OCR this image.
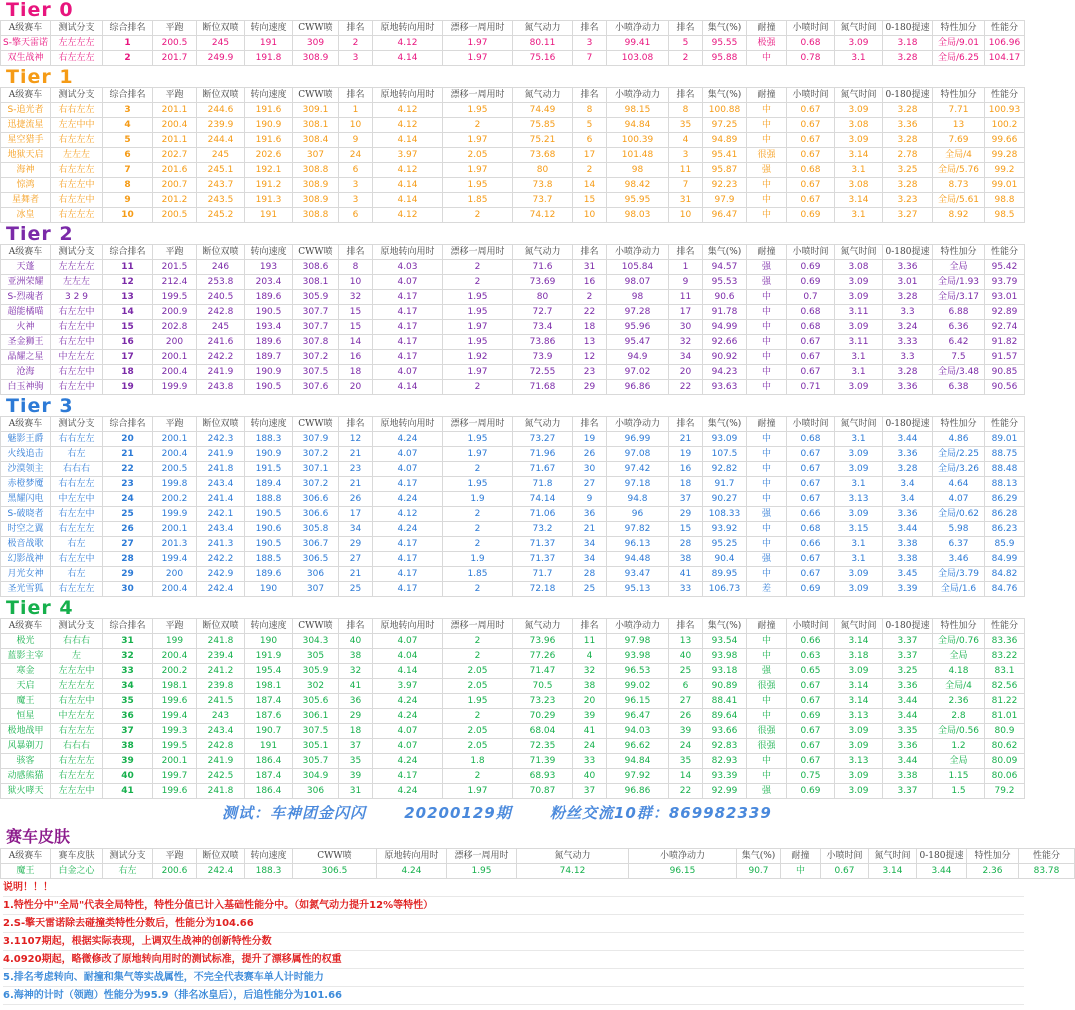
Tier 0
A级赛车	测试分支	综合排名	平跑	断位双喷	转向速度	CWW喷	排名	原地转向用时	漂移一周用时	氮气动力	排名	小喷净动力	排名	集气(%)	耐撞	小喷时间	氮气时间	0-180提速	特性加分	性能分
S-擎天雷诺	左左左左	1	200.5	245	191	309	2	4.12	1.97	80.11	3	99.41	5	95.55	极强	0.68	3.09	3.18	全局/9.01	106.96
双生战神	右左左左	2	201.7	249.9	191.8	308.9	3	4.14	1.97	75.16	7	103.08	2	95.88	中	0.78	3.1	3.28	全局/6.25	104.17
Tier 1
A级赛车	测试分支	综合排名	平跑	断位双喷	转向速度	CWW喷	排名	原地转向用时	漂移一周用时	氮气动力	排名	小喷净动力	排名	集气(%)	耐撞	小喷时间	氮气时间	0-180提速	特性加分	性能分
S-追光者	右右左左	3	201.1	244.6	191.6	309.1	1	4.12	1.95	74.49	8	98.15	8	100.88	中	0.67	3.09	3.28	7.71	100.93
迅捷流星	左左中中	4	200.4	239.9	190.9	308.1	10	4.12	2	75.85	5	94.84	35	97.25	中	0.67	3.08	3.36	13	100.2
星空猎手	右左左左	5	201.1	244.4	191.6	308.4	9	4.14	1.97	75.21	6	100.39	4	94.89	中	0.67	3.09	3.28	7.69	99.66
地狱天启	左左左	6	202.7	245	202.6	307	24	3.97	2.05	73.68	17	101.48	3	95.41	很强	0.67	3.14	2.78	全局/4	99.28
海神	右左左左	7	201.6	245.1	192.1	308.8	6	4.12	1.97	80	2	98	11	95.87	强	0.68	3.1	3.25	全局/5.76	99.2
惊鸿	右左左中	8	200.7	243.7	191.2	308.9	3	4.14	1.95	73.8	14	98.42	7	92.23	中	0.67	3.08	3.28	8.73	99.01
星舞者	右左左中	9	201.2	243.5	191.3	308.9	3	4.14	1.85	73.7	15	95.95	31	97.9	中	0.67	3.14	3.23	全局/5.61	98.8
冰皇	右左左左	10	200.5	245.2	191	308.8	6	4.12	2	74.12	10	98.03	10	96.47	中	0.69	3.1	3.27	8.92	98.5
Tier 2
A级赛车	测试分支	综合排名	平跑	断位双喷	转向速度	CWW喷	排名	原地转向用时	漂移一周用时	氮气动力	排名	小喷净动力	排名	集气(%)	耐撞	小喷时间	氮气时间	0-180提速	特性加分	性能分
天蓬	左左左左	11	201.5	246	193	308.6	8	4.03	2	71.6	31	105.84	1	94.57	强	0.69	3.08	3.36	全局	95.42
亚洲荣耀	左左左	12	212.4	253.8	203.4	308.1	10	4.07	2	73.69	16	98.07	9	95.53	强	0.69	3.09	3.01	全局/1.93	93.79
S-烈魂者	3 2 9	13	199.5	240.5	189.6	305.9	32	4.17	1.95	80	2	98	11	90.6	中	0.7	3.09	3.28	全局/3.17	93.01
超能橘喵	右左左中	14	200.9	242.8	190.5	307.7	15	4.17	1.95	72.7	22	97.28	17	91.78	中	0.68	3.11	3.3	6.88	92.89
火神	右左左中	15	202.8	245	193.4	307.7	15	4.17	1.97	73.4	18	95.96	30	94.99	中	0.68	3.09	3.24	6.36	92.74
圣金狮王	右左左中	16	200	241.6	189.6	307.8	14	4.17	1.95	73.86	13	95.47	32	92.66	中	0.67	3.11	3.33	6.42	91.82
晶耀之星	中左左左	17	200.1	242.2	189.7	307.2	16	4.17	1.92	73.9	12	94.9	34	90.92	中	0.67	3.1	3.3	7.5	91.57
沧海	右左左中	18	200.4	241.9	190.9	307.5	18	4.07	1.97	72.55	23	97.02	20	94.23	中	0.67	3.1	3.28	全局/3.48	90.85
白玉神驹	右左左中	19	199.9	243.8	190.5	307.6	20	4.14	2	71.68	29	96.86	22	93.63	中	0.71	3.09	3.36	6.38	90.56
Tier 3
A级赛车	测试分支	综合排名	平跑	断位双喷	转向速度	CWW喷	排名	原地转向用时	漂移一周用时	氮气动力	排名	小喷净动力	排名	集气(%)	耐撞	小喷时间	氮气时间	0-180提速	特性加分	性能分
魅影王爵	右右左左	20	200.1	242.3	188.3	307.9	12	4.24	1.95	73.27	19	96.99	21	93.09	中	0.68	3.1	3.44	4.86	89.01
火线追击	右左	21	200.4	241.9	190.9	307.2	21	4.07	1.97	71.96	26	97.08	19	107.5	中	0.67	3.09	3.36	全局/2.25	88.75
沙漠领主	右右右	22	200.5	241.8	191.5	307.1	23	4.07	2	71.67	30	97.42	16	92.82	中	0.67	3.09	3.28	全局/3.26	88.48
赤橙梦魇	右右左左	23	199.8	243.4	189.4	307.2	21	4.17	1.95	71.8	27	97.18	18	91.7	中	0.67	3.1	3.4	4.64	88.13
黑耀闪电	中左左中	24	200.2	241.4	188.8	306.6	26	4.24	1.9	74.14	9	94.8	37	90.27	中	0.67	3.13	3.4	4.07	86.29
S-破晓者	右左左中	25	199.9	242.1	190.5	306.6	17	4.12	2	71.06	36	96	29	108.33	强	0.66	3.09	3.36	全局/0.62	86.28
时空之翼	右左左左	26	200.1	243.4	190.6	305.8	34	4.24	2	73.2	21	97.82	15	93.92	中	0.68	3.15	3.44	5.98	86.23
极音战歌	右左	27	201.3	241.3	190.5	306.7	29	4.17	2	71.37	34	96.13	28	95.25	中	0.66	3.1	3.38	6.37	85.9
幻影战神	右左左中	28	199.4	242.2	188.5	306.5	27	4.17	1.9	71.37	34	94.48	38	90.4	强	0.67	3.1	3.38	3.46	84.99
月光女神	右左	29	200	242.9	189.6	306	21	4.17	1.85	71.7	28	93.47	41	89.95	中	0.67	3.09	3.45	全局/3.79	84.82
圣光雪狐	右左左左	30	200.4	242.4	190	307	25	4.17	2	72.18	25	95.13	33	106.73	差	0.69	3.09	3.39	全局/1.6	84.76
Tier 4
A级赛车	测试分支	综合排名	平跑	断位双喷	转向速度	CWW喷	排名	原地转向用时	漂移一周用时	氮气动力	排名	小喷净动力	排名	集气(%)	耐撞	小喷时间	氮气时间	0-180提速	特性加分	性能分
极光	右右右	31	199	241.8	190	304.3	40	4.07	2	73.96	11	97.98	13	93.54	中	0.66	3.14	3.37	全局/0.76	83.36
蓝影主宰	左	32	200.4	239.4	191.9	305	38	4.04	2	77.26	4	93.98	40	93.98	中	0.63	3.18	3.37	全局	83.22
寒金	左左左中	33	200.2	241.2	195.4	305.9	32	4.14	2.05	71.47	32	96.53	25	93.18	强	0.65	3.09	3.25	4.18	83.1
天启	左左左左	34	198.1	239.8	198.1	302	41	3.97	2.05	70.5	38	99.02	6	90.89	很强	0.67	3.14	3.36	全局/4	82.56
魔王	右左左中	35	199.6	241.5	187.4	305.6	36	4.24	1.95	73.23	20	96.15	27	88.41	中	0.67	3.14	3.44	2.36	81.22
恒星	中左左左	36	199.4	243	187.6	306.1	29	4.24	2	70.29	39	96.47	26	89.64	中	0.69	3.13	3.44	2.8	81.01
极地战甲	右左左左	37	199.3	243.4	190.7	307.5	18	4.07	2.05	68.04	41	94.03	39	93.66	很强	0.67	3.09	3.35	全局/0.56	80.9
风暴剃刀	右右右	38	199.5	242.8	191	305.1	37	4.07	2.05	72.35	24	96.62	24	92.83	很强	0.67	3.09	3.36	1.2	80.62
骇客	右左左左	39	200.1	241.9	186.4	305.7	35	4.24	1.8	71.39	33	94.84	35	82.93	中	0.67	3.13	3.44	全局	80.09
动感熊猫	右左左左	40	199.7	242.5	187.4	304.9	39	4.17	2	68.93	40	97.92	14	93.39	中	0.75	3.09	3.38	1.15	80.06
狱火哮天	左左左中	41	199.6	241.8	186.4	306	31	4.24	1.97	70.87	37	96.86	22	92.99	强	0.69	3.09	3.37	1.5	79.2
测试：车神团金闪闪	20200129期	粉丝交流10群：869982339
赛车皮肤
A级赛车	赛车皮肤	测试分支	平跑	断位双喷	转向速度	CWW喷	原地转向用时	漂移一周用时	氮气动力	小喷净动力	集气(%)	耐撞	小喷时间	氮气时间	0-180提速	特性加分	性能分
魔王	白金之心	右左	200.6	242.4	188.3	306.5	4.24	1.95	74.12	96.15	90.7	中	0.67	3.14	3.44	2.36	83.78
说明！！！
1.特性分中"全局"代表全局特性，特性分值已计入基础性能分中。（如氮气动力提升12%等特性）
2.S-擎天雷诺除去碰撞类特性分数后，性能分为104.66
3.1107期起，根据实际表现，上调双生战神的创新特性分数
4.0920期起，略微修改了原地转向用时的测试标准，提升了漂移属性的权重
5.排名考虑转向、耐撞和集气等实战属性，不完全代表赛车单人计时能力
6.海神的计时（领跑）性能分为95.9（排名冰皇后），后追性能分为101.66
